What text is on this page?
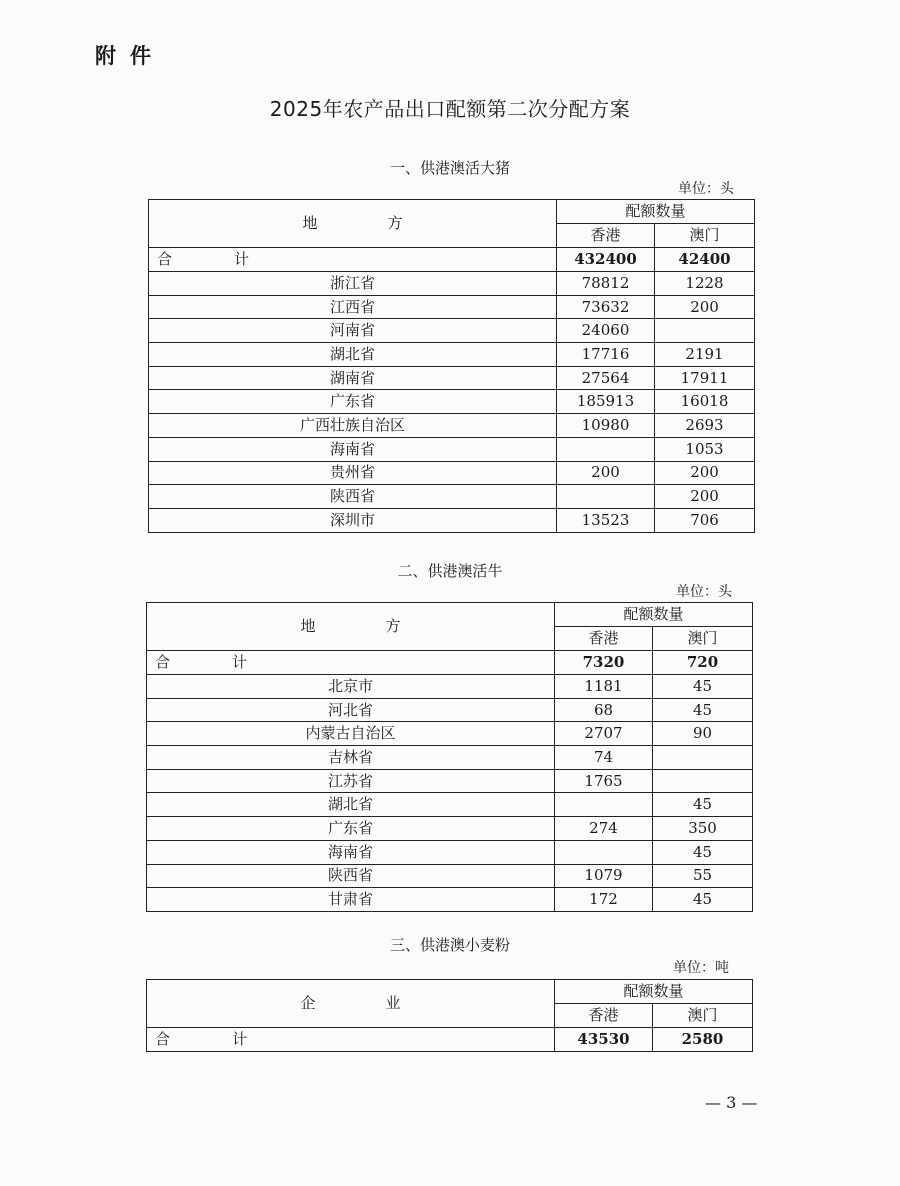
附件
2025年农产品出口配额第二次分配方案
一、供港澳活大猪
单位：头
地 方	配额数量	
	香港	澳门
合 计	432400	42400
浙江省	78812	1228
江西省	73632	200
河南省	24060	
湖北省	17716	2191
湖南省	27564	17911
广东省	185913	16018
广西壮族自治区	10980	2693
海南省		1053
贵州省	200	200
陕西省		200
深圳市	13523	706
二、供港澳活牛
单位：头
地 方	配额数量	
	香港	澳门
合 计	7320	720
北京市	1181	45
河北省	68	45
内蒙古自治区	2707	90
吉林省	74	
江苏省	1765	
湖北省		45
广东省	274	350
海南省		45
陕西省	1079	55
甘肃省	172	45
三、供港澳小麦粉
单位：吨
企 业	配额数量	
	香港	澳门
合 计	43530	2580
— 3 —
